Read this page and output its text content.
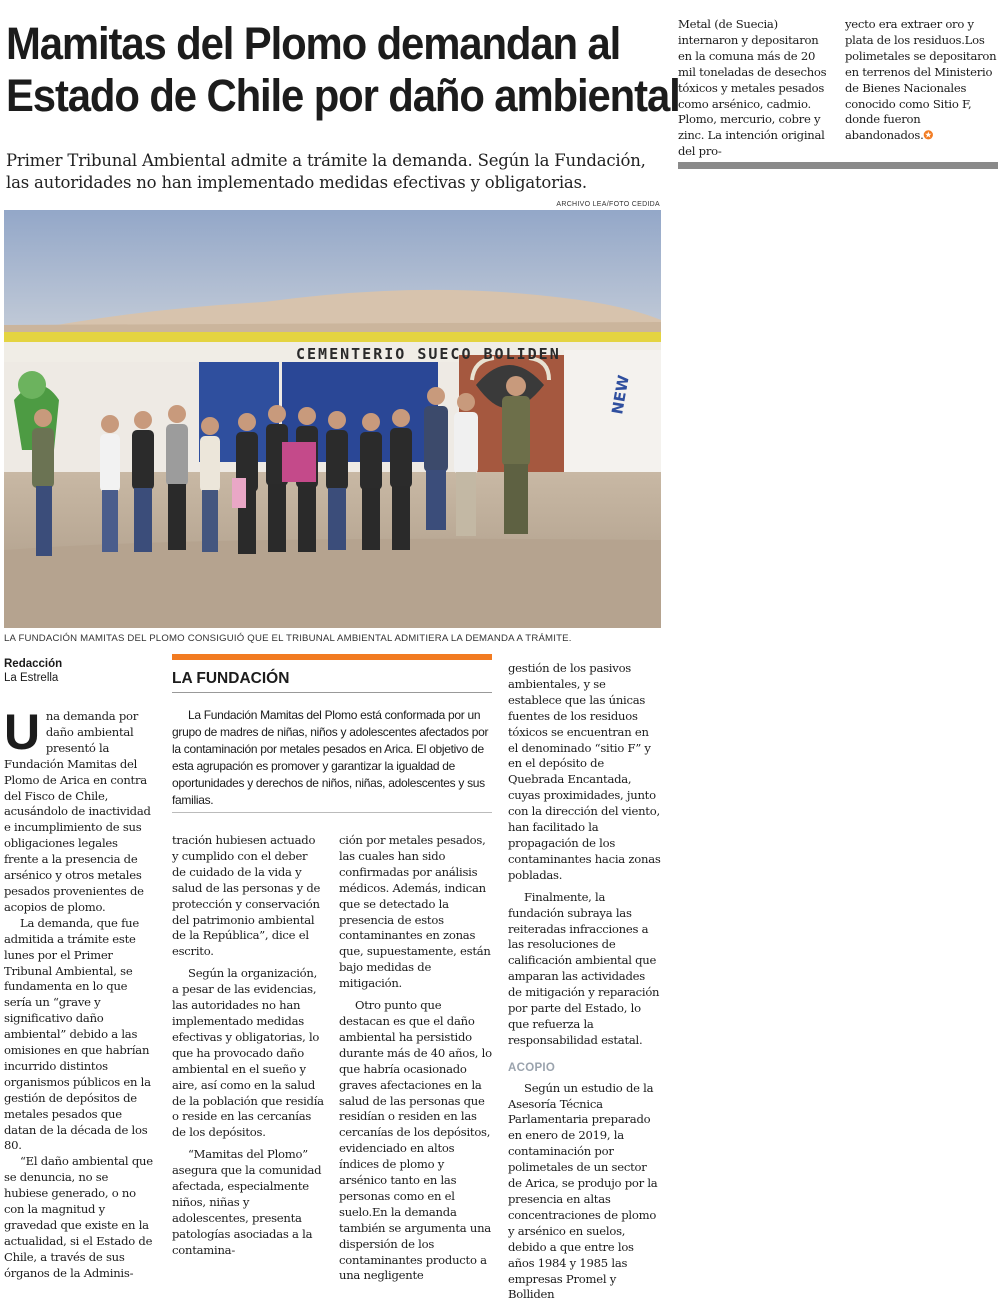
Mamitas del Plomo demandan al
Estado de Chile por daño ambiental
Primer Tribunal Ambiental admite a trámite la demanda. Según la Fundación, las autoridades no han implementado medidas efectivas y obligatorias.
ARCHIVO LEA/FOTO CEDIDA
CEMENTERIO SUECO BOLIDEN
NEW
LA FUNDACIÓN MAMITAS DEL PLOMO CONSIGUIÓ QUE EL TRIBUNAL AMBIENTAL ADMITIERA LA DEMANDA A TRÁMITE.
Redacción
La Estrella

Una demanda por daño ambiental presentó la Fundación Mamitas del Plomo de Arica en contra del Fisco de Chile, acusándolo de inactividad e incumplimiento de sus obligaciones legales frente a la presencia de arsénico y otros metales pesados provenientes de acopios de plomo.

La demanda, que fue admitida a trámite este lunes por el Primer Tribunal Ambiental, se fundamenta en lo que sería un “grave y significativo daño ambiental” debido a las omisiones en que habrían incurrido distintos organismos públicos en la gestión de depósitos de metales pesados que datan de la década de los 80.

“El daño ambiental que se denuncia, no se hubiese generado, o no con la magnitud y gravedad que existe en la actualidad, si el Estado de Chile, a través de sus órganos de la Adminis-

LA FUNDACIÓN
La Fundación Mamitas del Plomo está conformada por un grupo de madres de niñas, niños y adolescentes afectados por la contaminación por metales pesados en Arica. El objetivo de esta agrupación es promover y garantizar la igualdad de oportunidades y derechos de niños, niñas, adolescentes y sus familias.

tración hubiesen actuado y cumplido con el deber de cuidado de la vida y salud de las personas y de protección y conservación del patrimonio ambiental de la República”, dice el escrito.

Según la organización, a pesar de las evidencias, las autoridades no han implementado medidas efectivas y obligatorias, lo que ha provocado daño ambiental en el sueño y aire, así como en la salud de la población que residía o reside en las cercanías de los depósitos.

“Mamitas del Plomo” asegura que la comunidad afectada, especialmente niños, niñas y adolescentes, presenta patologías asociadas a la contamina-

ción por metales pesados, las cuales han sido confirmadas por análisis médicos. Además, indican que se detectado la presencia de estos contaminantes en zonas que, supuestamente, están bajo medidas de mitigación.

Otro punto que destacan es que el daño ambiental ha persistido durante más de 40 años, lo que habría ocasionado graves afectaciones en la salud de las personas que residían o residen en las cercanías de los depósitos, evidenciado en altos índices de plomo y arsénico tanto en las personas como en el suelo.En la demanda también se argumenta una dispersión de los contaminantes producto a una negligente

gestión de los pasivos ambientales, y se establece que las únicas fuentes de los residuos tóxicos se encuentran en el denominado “sitio F” y en el depósito de Quebrada Encantada, cuyas proximidades, junto con la dirección del viento, han facilitado la propagación de los contaminantes hacia zonas pobladas.

Finalmente, la fundación subraya las reiteradas infracciones a las resoluciones de calificación ambiental que amparan las actividades de mitigación y reparación por parte del Estado, lo que refuerza la responsabilidad estatal.

ACOPIO

Según un estudio de la Asesoría Técnica Parlamentaria preparado en enero de 2019, la contaminación por polimetales de un sector de Arica, se produjo por la presencia en altas concentraciones de plomo y arsénico en suelos, debido a que entre los años 1984 y 1985 las empresas Promel y Bolliden

Metal (de Suecia) internaron y depositaron en la comuna más de 20 mil toneladas de desechos tóxicos y metales pesados como arsénico, cadmio. Plomo, mercurio, cobre y zinc. La intención original del pro-

yecto era extraer oro y plata de los residuos.Los polimetales se depositaron en terrenos del Ministerio de Bienes Nacionales conocido como Sitio F, donde fueron abandonados.✪
